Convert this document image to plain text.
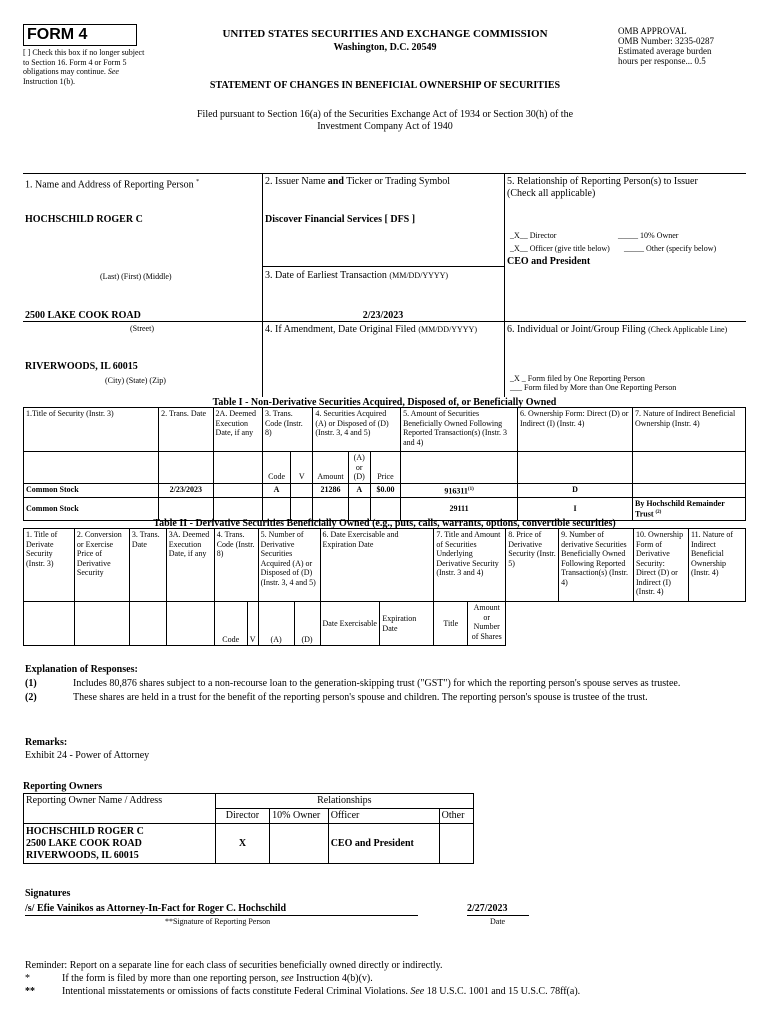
FORM 4
[ ] Check this box if no longer subject to Section 16. Form 4 or Form 5 obligations may continue. See Instruction 1(b).
UNITED STATES SECURITIES AND EXCHANGE COMMISSION
Washington, D.C. 20549
STATEMENT OF CHANGES IN BENEFICIAL OWNERSHIP OF SECURITIES
OMB APPROVAL
OMB Number: 3235-0287
Estimated average burden
hours per response... 0.5
Filed pursuant to Section 16(a) of the Securities Exchange Act of 1934 or Section 30(h) of the
Investment Company Act of 1940
1. Name and Address of Reporting Person *
HOCHSCHILD ROGER C
(Last) (First) (Middle)
2500 LAKE COOK ROAD
(Street)
RIVERWOODS, IL 60015
(City) (State) (Zip)
2. Issuer Name and Ticker or Trading Symbol
Discover Financial Services [ DFS ]
3. Date of Earliest Transaction (MM/DD/YYYY)
2/23/2023
4. If Amendment, Date Original Filed (MM/DD/YYYY)
5. Relationship of Reporting Person(s) to Issuer
(Check all applicable)
_X__ Director	_____ 10% Owner
_X__ Officer (give title below) _____ Other (specify below)
CEO and President
6. Individual or Joint/Group Filing (Check Applicable Line)
_X _ Form filed by One Reporting Person
___ Form filed by More than One Reporting Person
Table I - Non-Derivative Securities Acquired, Disposed of, or Beneficially Owned
1.Title of Security (Instr. 3)	2. Trans. Date	2A. Deemed Execution Date, if any	3. Trans. Code (Instr. 8)		4. Securities Acquired (A) or Disposed of (D) (Instr. 3, 4 and 5)			5. Amount of Securities Beneficially Owned Following Reported Transaction(s) (Instr. 3 and 4)	6. Ownership Form: Direct (D) or Indirect (I) (Instr. 4)	7. Nature of Indirect Beneficial Ownership (Instr. 4)
			Code	V	Amount	(A) or (D)	Price			
Common Stock	2/23/2023		A		21286	A	$0.00	916311$^{(1)}$	D	
Common Stock								29111	I	By Hochschild Remainder Trust $^{(2)}$
Table II - Derivative Securities Beneficially Owned (e.g., puts, calls, warrants, options, convertible securities)
1. Title of Derivate Security (Instr. 3)	2. Conversion or Exercise Price of Derivative Security	3. Trans. Date	3A. Deemed Execution Date, if any	4. Trans. Code (Instr. 8)		5. Number of Derivative Securities Acquired (A) or Disposed of (D) (Instr. 3, 4 and 5)		6. Date Exercisable and Expiration Date		7. Title and Amount of Securities Underlying Derivative Security (Instr. 3 and 4)		8. Price of Derivative Security (Instr. 5)	9. Number of derivative Securities Beneficially Owned Following Reported Transaction(s) (Instr. 4)	10. Ownership Form of Derivative Security: Direct (D) or Indirect (I) (Instr. 4)	11. Nature of Indirect Beneficial Ownership (Instr. 4)
				Code	V	(A)	(D)	Date Exercisable	Expiration Date	Title	Amount or Number of Shares				
Explanation of Responses:
(1)	Includes 80,876 shares subject to a non-recourse loan to the generation-skipping trust ("GST") for which the reporting person's spouse serves as trustee.
(2)	These shares are held in a trust for the benefit of the reporting person's spouse and children. The reporting person's spouse is trustee of the trust.
Remarks:
Exhibit 24 - Power of Attorney
Reporting Owners
Reporting Owner Name / Address	Relationships			
	Director	10% Owner	Officer	Other

HOCHSCHILD ROGER C
2500 LAKE COOK ROAD
RIVERWOODS, IL 60015	X		CEO and President	
Signatures
/s/ Efie Vainikos as Attorney-In-Fact for Roger C. Hochschild
**Signature of Reporting Person
2/27/2023
Date
Reminder: Report on a separate line for each class of securities beneficially owned directly or indirectly.
*	If the form is filed by more than one reporting person, see Instruction 4(b)(v).
**	Intentional misstatements or omissions of facts constitute Federal Criminal Violations. See 18 U.S.C. 1001 and 15 U.S.C. 78ff(a).
